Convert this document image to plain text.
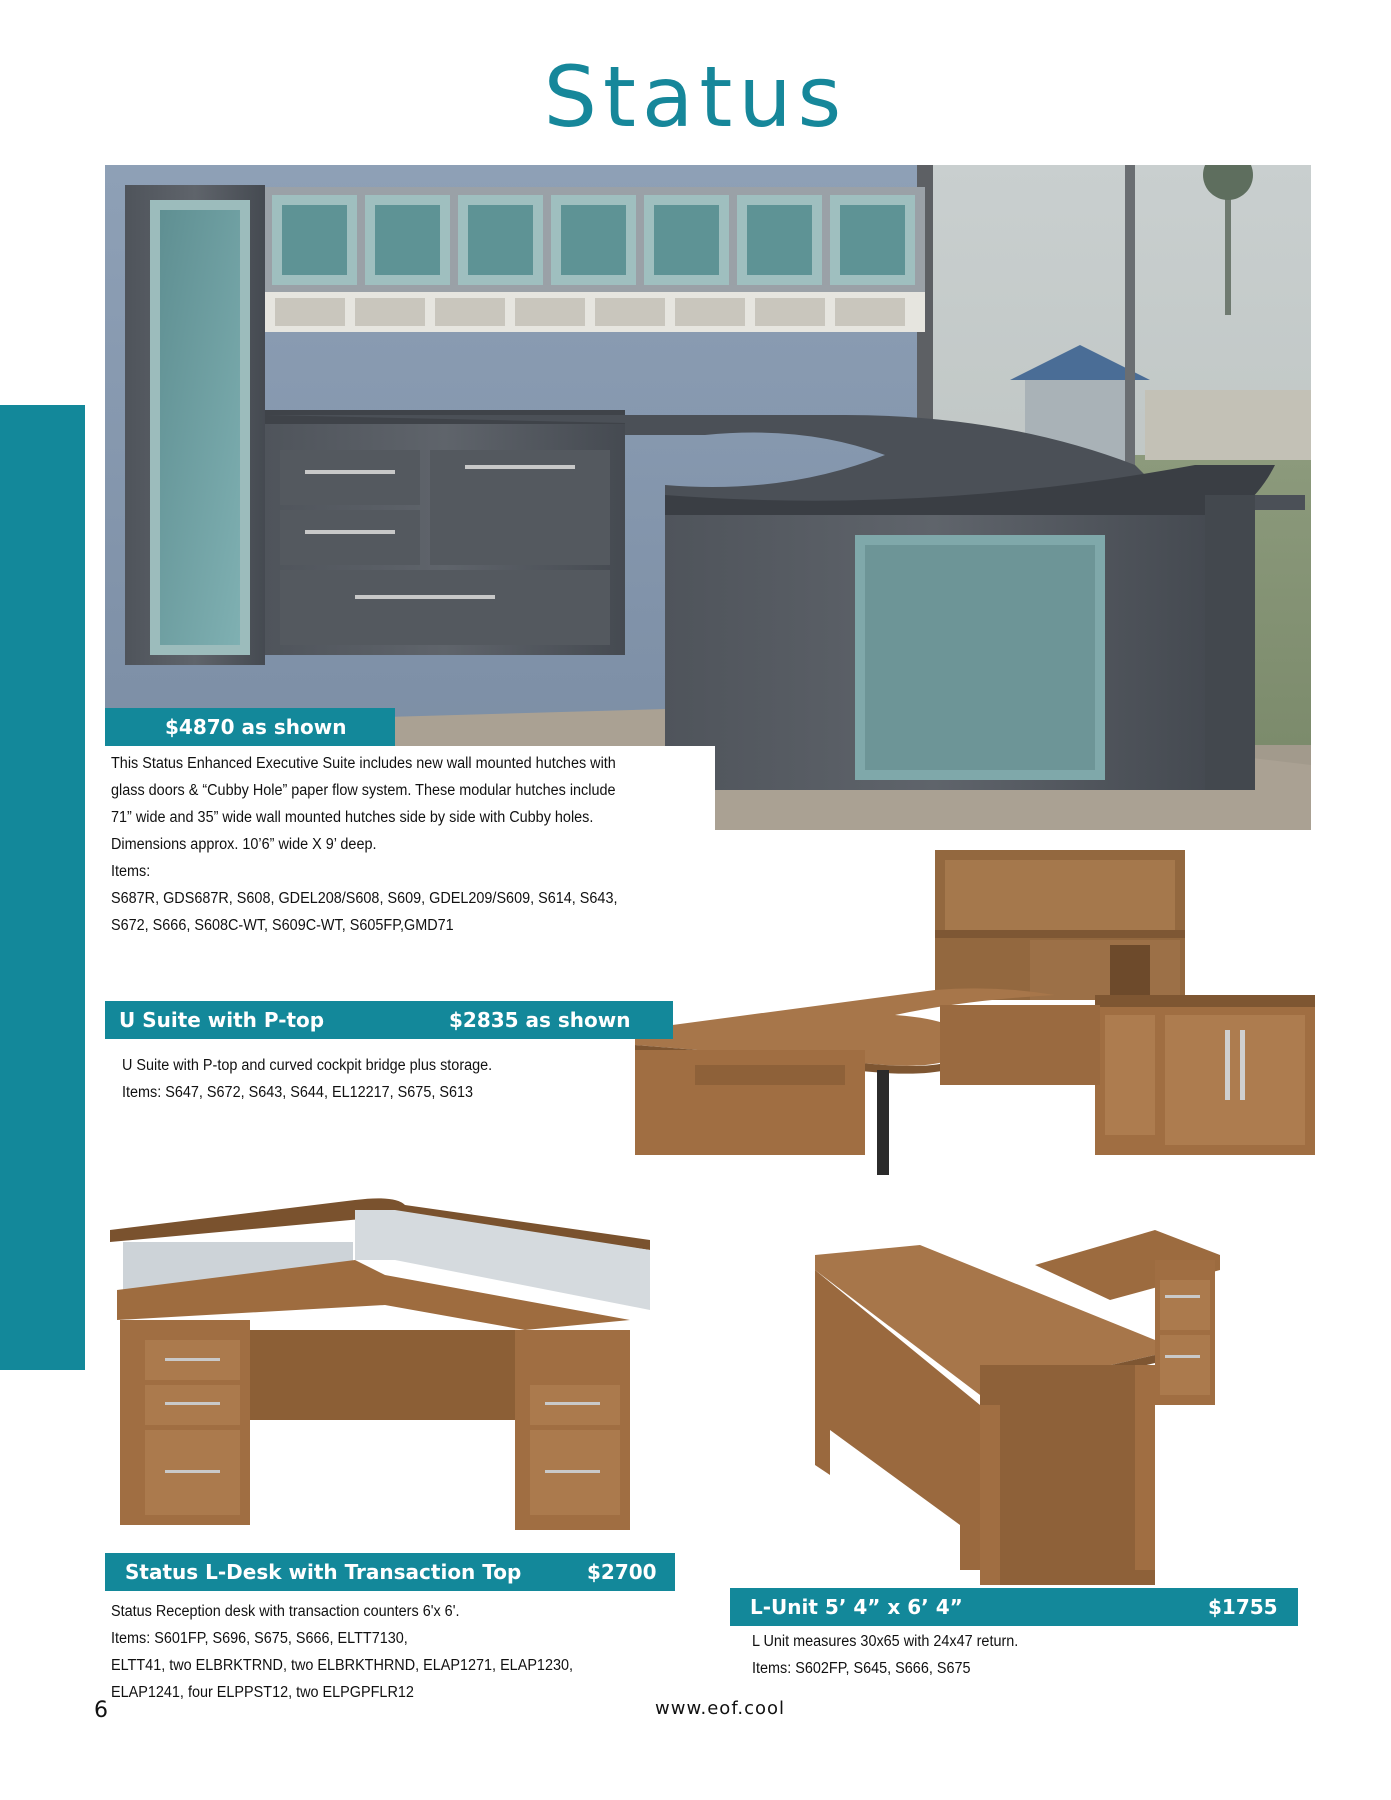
Status
$4870 as shown
This Status Enhanced Executive Suite includes new wall mounted hutches with
glass doors & “Cubby Hole” paper flow system. These modular hutches include
71” wide and 35” wide wall mounted hutches side by side with Cubby holes.
Dimensions approx. 10’6” wide X 9’ deep.
Items:
S687R, GDS687R, S608, GDEL208/S608, S609, GDEL209/S609, S614, S643,
S672, S666, S608C-WT, S609C-WT, S605FP,GMD71
U Suite with P-top	$2835 as shown
U Suite with P-top and curved cockpit bridge plus storage.
Items: S647, S672, S643, S644, EL12217, S675, S613
Status L-Desk with Transaction Top	$2700
Status Reception desk with transaction counters 6'x 6'.
Items: S601FP, S696, S675, S666, ELTT7130,
ELTT41, two ELBRKTRND, two ELBRKTHRND, ELAP1271, ELAP1230,
ELAP1241, four ELPPST12, two ELPGPFLR12
L-Unit 5’ 4” x 6’ 4”	$1755
L Unit measures 30x65 with 24x47 return.
Items: S602FP, S645, S666, S675
6	www.eof.cool
